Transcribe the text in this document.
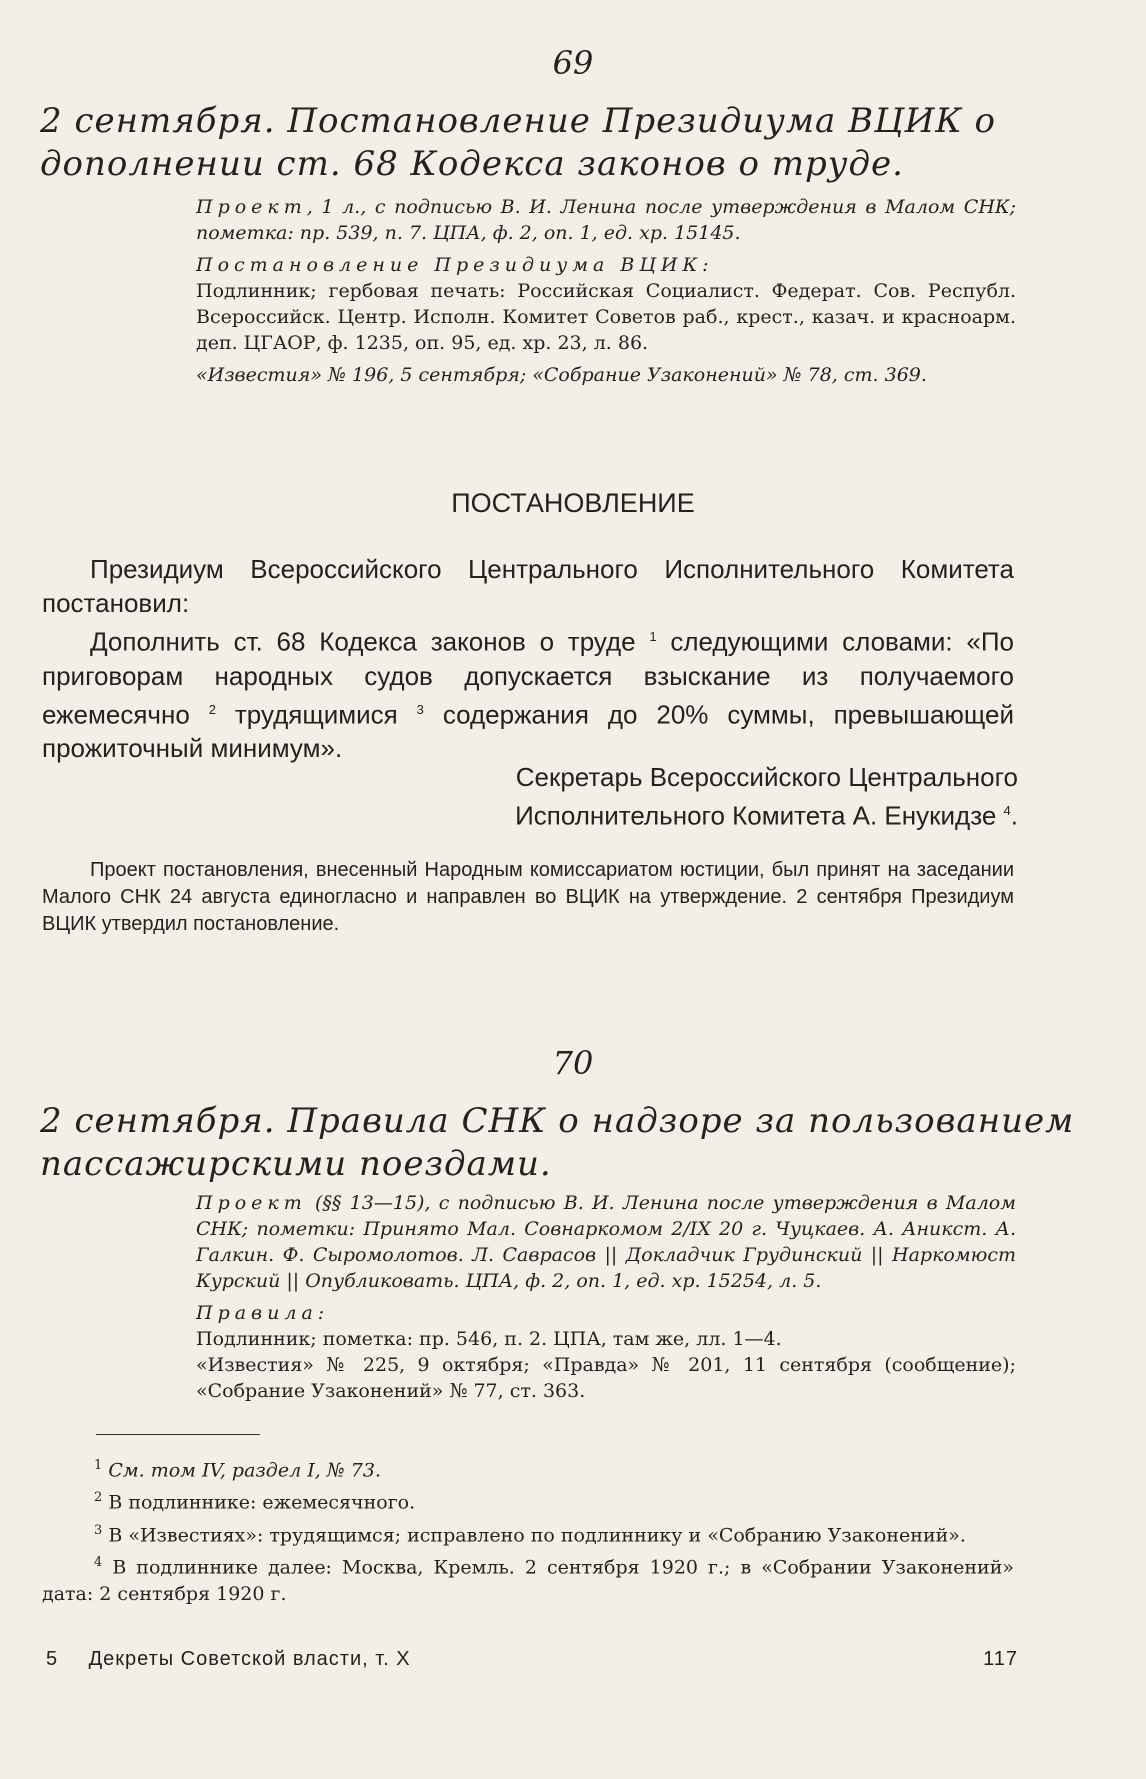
69
2 сентября. Постановление Президиума ВЦИК о дополнении ст. 68 Кодекса законов о труде.

Проект, 1 л., с подписью В. И. Ленина после утверждения в Малом СНК; пометка: пр. 539, п. 7. ЦПА, ф. 2, оп. 1, ед. хр. 15145.

Постановление Президиума ВЦИК:

Подлинник; гербовая печать: Российская Социалист. Федерат. Сов. Республ. Всероссийск. Центр. Исполн. Комитет Советов раб., крест., казач. и красноарм. деп. ЦГАОР, ф. 1235, оп. 95, ед. хр. 23, л. 86.

«Известия» № 196, 5 сентября; «Собрание Узаконений» № 78, ст. 369.

ПОСТАНОВЛЕНИЕ

Президиум Всероссийского Центрального Исполнительного Комитета постановил:

Дополнить ст. 68 Кодекса законов о труде $^1$ следующими словами: «По приговорам народных судов допускается взыскание из получаемого ежемесячно $^2$ трудящимися $^3$ содержания до 20% суммы, превышающей прожиточный минимум».

Секретарь Всероссийского Центрального
Исполнительного Комитета А. Енукидзе $^4$.

Проект постановления, внесенный Народным комиссариатом юстиции, был принят на заседании Малого СНК 24 августа единогласно и направлен во ВЦИК на утверждение. 2 сентября Президиум ВЦИК утвердил постановление.

70
2 сентября. Правила СНК о надзоре за пользованием пассажирскими поездами.

Проект (§§ 13—15), с подписью В. И. Ленина после утверждения в Малом СНК; пометки: Принято Мал. Совнаркомом 2/IX 20 г. Чуцкаев. А. Аникст. А. Галкин. Ф. Сыромолотов. Л. Саврасов || Докладчик Грудинский || Наркомюст Курский || Опубликовать. ЦПА, ф. 2, оп. 1, ед. хр. 15254, л. 5.

Правила:

Подлинник; пометка: пр. 546, п. 2. ЦПА, там же, лл. 1—4.

«Известия» № 225, 9 октября; «Правда» № 201, 11 сентября (сообщение); «Собрание Узаконений» № 77, ст. 363.

$^1$ См. том IV, раздел I, № 73.

$^2$ В подлиннике: ежемесячного.

$^3$ В «Известиях»: трудящимся; исправлено по подлиннику и «Собранию Узаконений».

$^4$ В подлиннике далее: Москва, Кремль. 2 сентября 1920 г.; в «Собрании Узаконений» дата: 2 сентября 1920 г.

5 Декреты Советской власти, т. X	117
